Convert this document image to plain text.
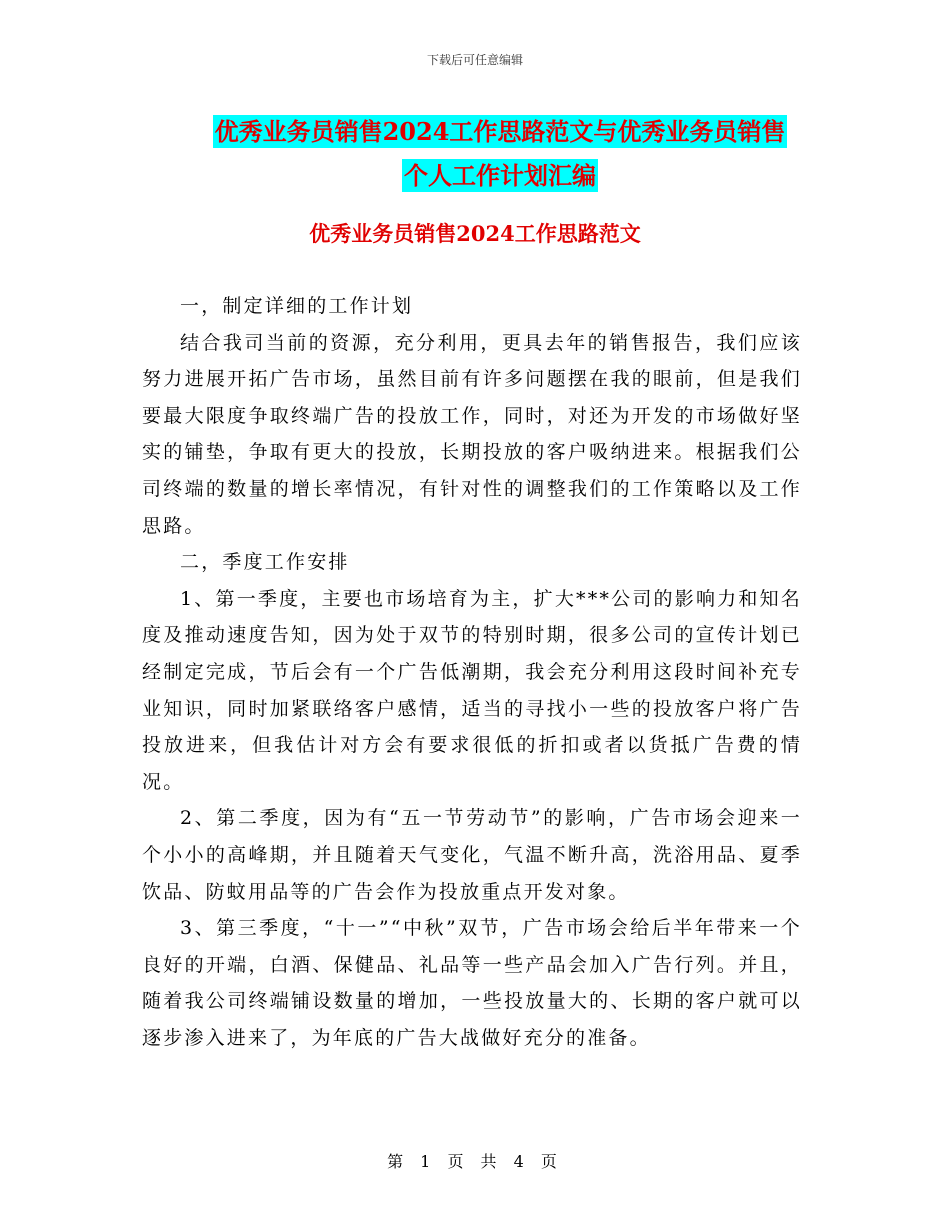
下载后可任意编辑
优秀业务员销售2024工作思路范文与优秀业务员销售
个人工作计划汇编
优秀业务员销售2024工作思路范文

一，制定详细的工作计划

结合我司当前的资源，充分利用，更具去年的销售报告，我们应该努力进展开拓广告市场，虽然目前有许多问题摆在我的眼前，但是我们要最大限度争取终端广告的投放工作，同时，对还为开发的市场做好坚实的铺垫，争取有更大的投放，长期投放的客户吸纳进来。根据我们公司终端的数量的增长率情况，有针对性的调整我们的工作策略以及工作思路。

二，季度工作安排

1、第一季度，主要也市场培育为主，扩大***公司的影响力和知名度及推动速度告知，因为处于双节的特别时期，很多公司的宣传计划已经制定完成，节后会有一个广告低潮期，我会充分利用这段时间补充专业知识，同时加紧联络客户感情，适当的寻找小一些的投放客户将广告投放进来，但我估计对方会有要求很低的折扣或者以货抵广告费的情况。

2、第二季度，因为有“五一节劳动节”的影响，广告市场会迎来一个小小的高峰期，并且随着天气变化，气温不断升高，洗浴用品、夏季饮品、防蚊用品等的广告会作为投放重点开发对象。

3、第三季度，“十一”“中秋”双节，广告市场会给后半年带来一个良好的开端，白酒、保健品、礼品等一些产品会加入广告行列。并且，随着我公司终端铺设数量的增加，一些投放量大的、长期的客户就可以逐步渗入进来了，为年底的广告大战做好充分的准备。

第 1 页 共 4 页
